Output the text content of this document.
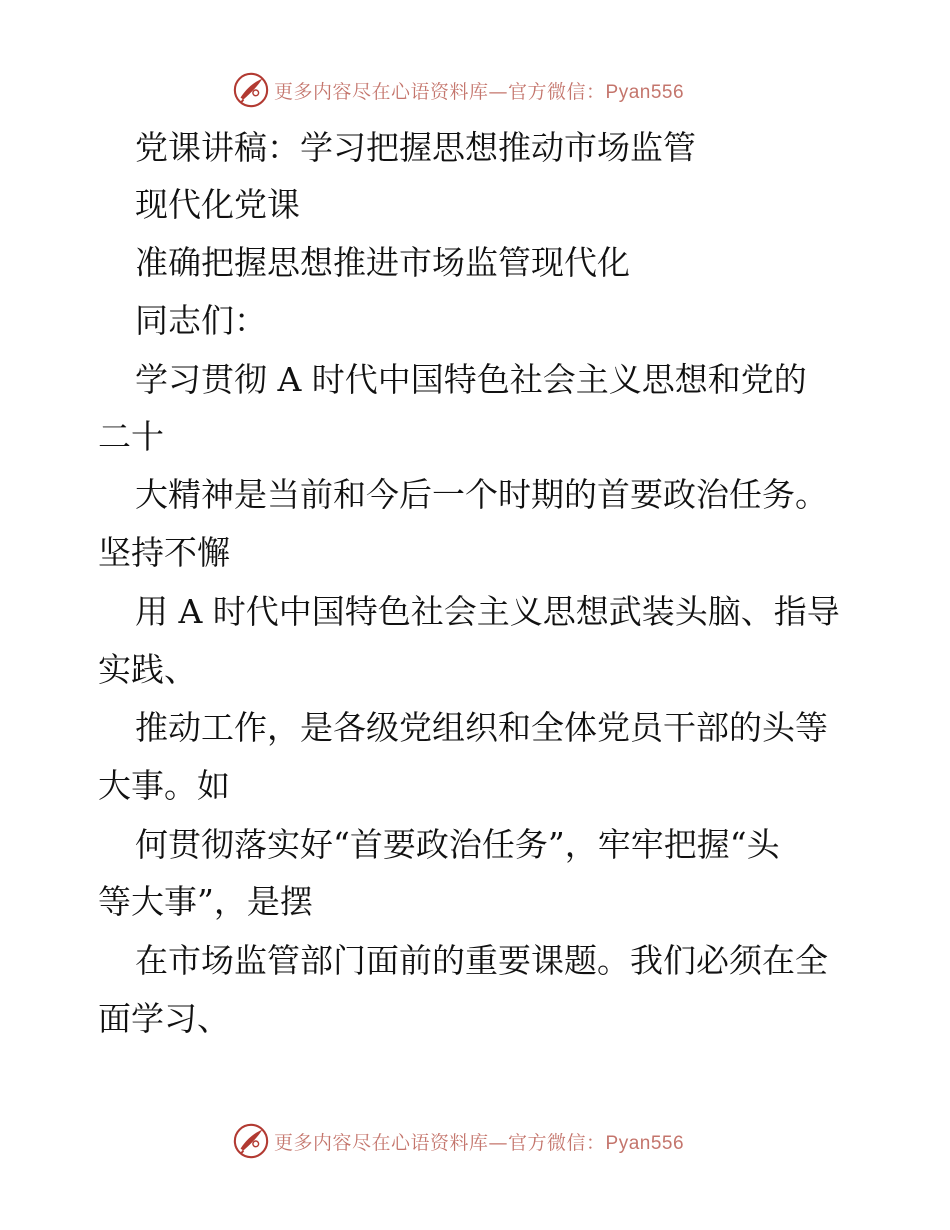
更多内容尽在心语资料库—官方微信：Pyan556
党课讲稿：学习把握思想推动市场监管
现代化党课
准确把握思想推进市场监管现代化
同志们：
学习贯彻 A 时代中国特色社会主义思想和党的
二十
大精神是当前和今后一个时期的首要政治任务。
坚持不懈
用 A 时代中国特色社会主义思想武装头脑、指导
实践、
推动工作，是各级党组织和全体党员干部的头等
大事。如
何贯彻落实好“首要政治任务”，牢牢把握“头
等大事”，是摆
在市场监管部门面前的重要课题。我们必须在全
面学习、
更多内容尽在心语资料库—官方微信：Pyan556
